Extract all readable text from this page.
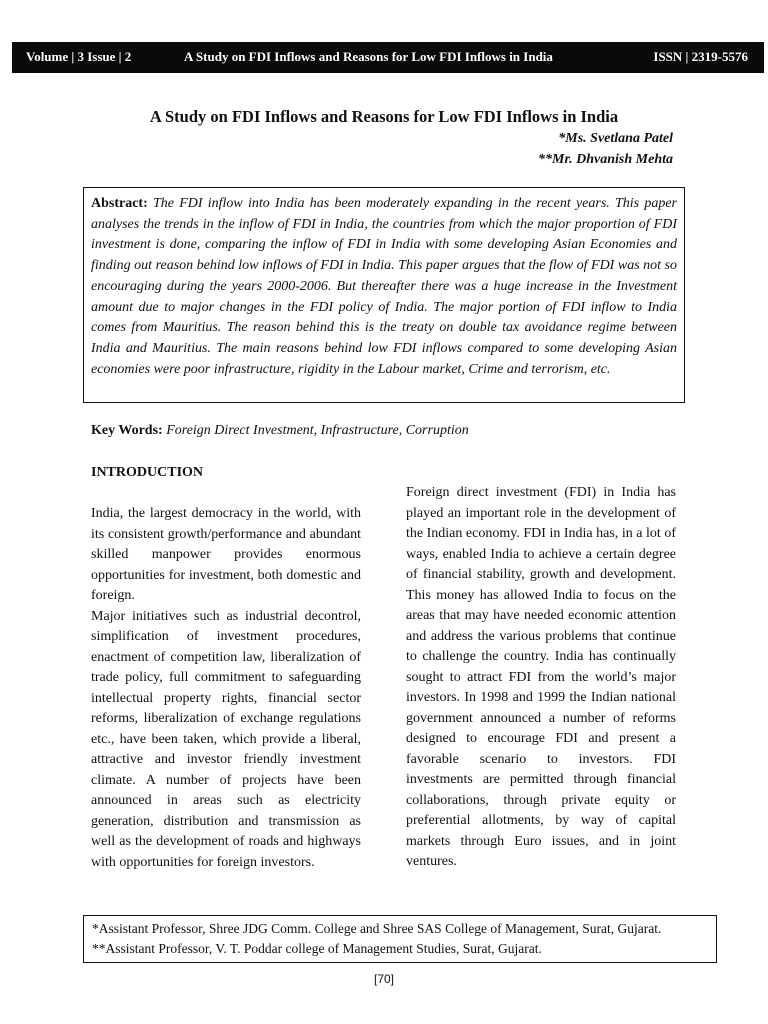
Volume | 3 Issue | 2	A Study on FDI Inflows and Reasons for Low FDI Inflows in India	ISSN | 2319-5576
A Study on FDI Inflows and Reasons for Low FDI Inflows in India
*Ms. Svetlana Patel
**Mr. Dhvanish Mehta
Abstract: The FDI inflow into India has been moderately expanding in the recent years. This paper analyses the trends in the inflow of FDI in India, the countries from which the major proportion of FDI investment is done, comparing the inflow of FDI in India with some developing Asian Economies and finding out reason behind low inflows of FDI in India. This paper argues that the flow of FDI was not so encouraging during the years 2000-2006. But thereafter there was a huge increase in the Investment amount due to major changes in the FDI policy of India. The major portion of FDI inflow to India comes from Mauritius. The reason behind this is the treaty on double tax avoidance regime between India and Mauritius. The main reasons behind low FDI inflows compared to some developing Asian economies were poor infrastructure, rigidity in the Labour market, Crime and terrorism, etc.
Key Words: Foreign Direct Investment, Infrastructure, Corruption
INTRODUCTION

India, the largest democracy in the world, with its consistent growth/performance and abundant skilled manpower provides enormous opportunities for investment, both domestic and foreign.

Major initiatives such as industrial decontrol, simplification of investment procedures, enactment of competition law, liberalization of trade policy, full commitment to safeguarding intellectual property rights, financial sector reforms, liberalization of exchange regulations etc., have been taken, which provide a liberal, attractive and investor friendly investment climate. A number of projects have been announced in areas such as electricity generation, distribution and transmission as well as the development of roads and highways with opportunities for foreign investors.

Foreign direct investment (FDI) in India has played an important role in the development of the Indian economy. FDI in India has, in a lot of ways, enabled India to achieve a certain degree of financial stability, growth and development. This money has allowed India to focus on the areas that may have needed economic attention and address the various problems that continue to challenge the country. India has continually sought to attract FDI from the world’s major investors. In 1998 and 1999 the Indian national government announced a number of reforms designed to encourage FDI and present a favorable scenario to investors. FDI investments are permitted through financial collaborations, through private equity or preferential allotments, by way of capital markets through Euro issues, and in joint ventures.

*Assistant Professor, Shree JDG Comm. College and Shree SAS College of Management, Surat, Gujarat.
**Assistant Professor, V. T. Poddar college of Management Studies, Surat, Gujarat.
[70]
